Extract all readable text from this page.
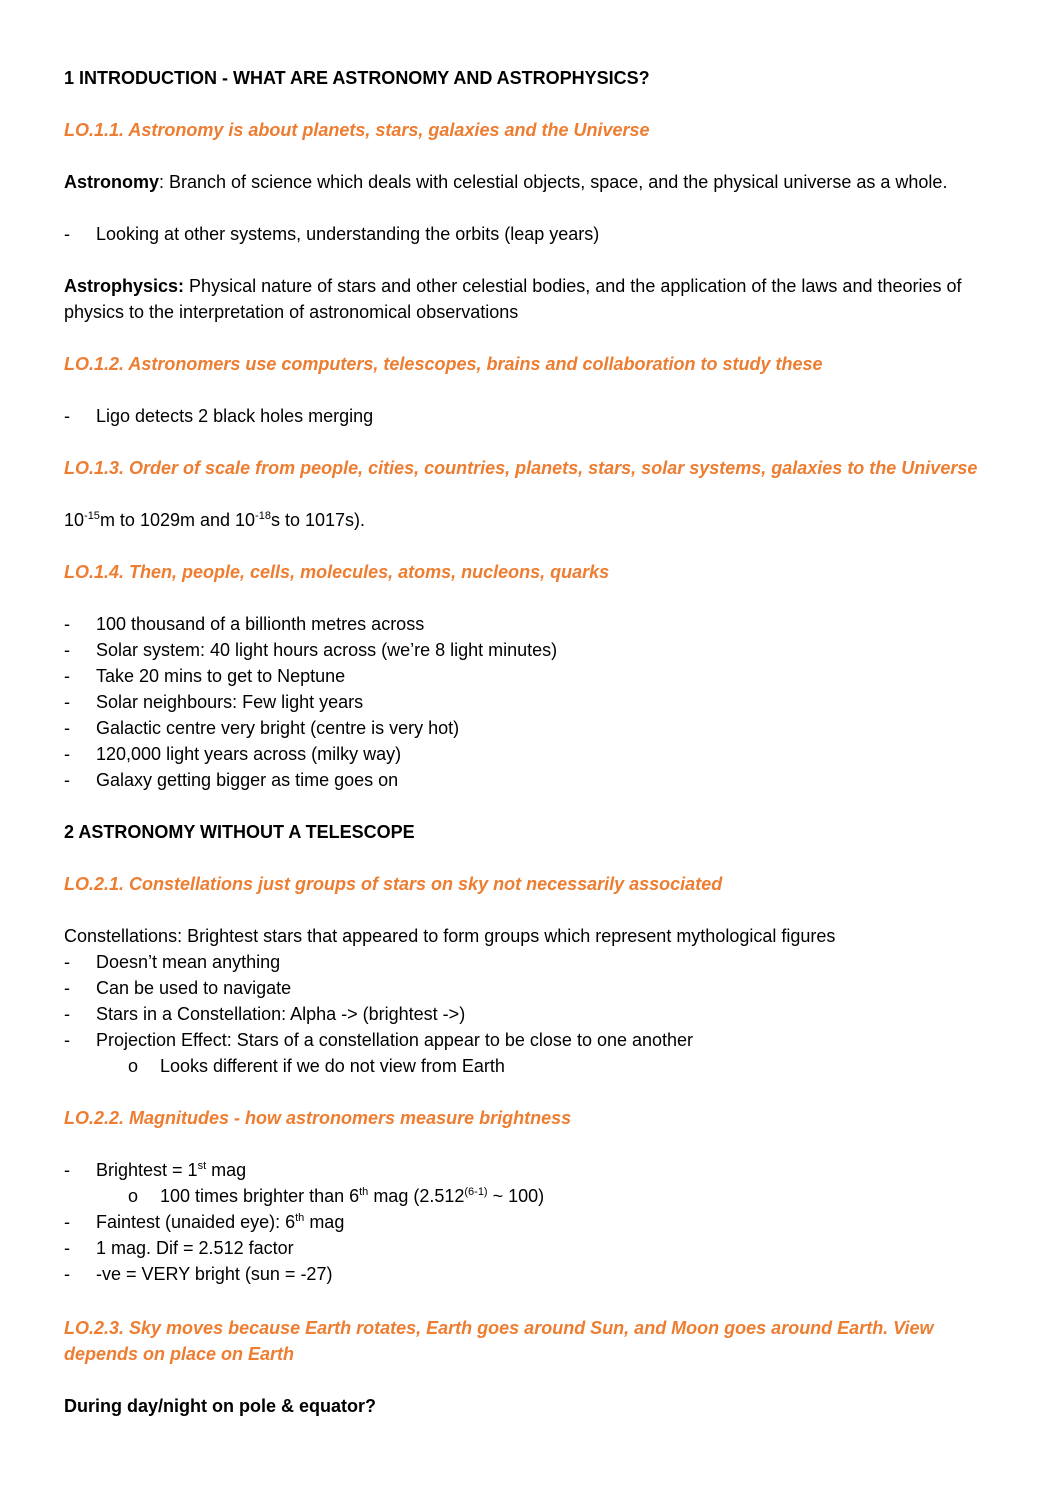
1 INTRODUCTION - WHAT ARE ASTRONOMY AND ASTROPHYSICS?

LO.1.1. Astronomy is about planets, stars, galaxies and the Universe

Astronomy: Branch of science which deals with celestial objects, space, and the physical universe as a whole.

- Looking at other systems, understanding the orbits (leap years)

Astrophysics: Physical nature of stars and other celestial bodies, and the application of the laws and theories of physics to the interpretation of astronomical observations

LO.1.2. Astronomers use computers, telescopes, brains and collaboration to study these

- Ligo detects 2 black holes merging

LO.1.3. Order of scale from people, cities, countries, planets, stars, solar systems, galaxies to the Universe

$10^{-15}m$ to 1029m and $10^{-18}s$ to 1017s).

LO.1.4. Then, people, cells, molecules, atoms, nucleons, quarks

- 100 thousand of a billionth metres across
- Solar system: 40 light hours across (we’re 8 light minutes)
- Take 20 mins to get to Neptune
- Solar neighbours: Few light years
- Galactic centre very bright (centre is very hot)
- 120,000 light years across (milky way)
- Galaxy getting bigger as time goes on

2 ASTRONOMY WITHOUT A TELESCOPE

LO.2.1. Constellations just groups of stars on sky not necessarily associated

Constellations: Brightest stars that appeared to form groups which represent mythological figures

- Doesn’t mean anything
- Can be used to navigate
- Stars in a Constellation: Alpha -> (brightest ->)
- Projection Effect: Stars of a constellation appear to be close to one another
o Looks different if we do not view from Earth

LO.2.2. Magnitudes - how astronomers measure brightness

- Brightest = 1st mag
o 100 times brighter than 6th mag (2.512$^{(6-1)}$ ~ 100)
- Faintest (unaided eye): 6th mag
- 1 mag. Dif = 2.512 factor
- -ve = VERY bright (sun = -27)

LO.2.3. Sky moves because Earth rotates, Earth goes around Sun, and Moon goes around Earth. View depends on place on Earth

During day/night on pole & equator?
